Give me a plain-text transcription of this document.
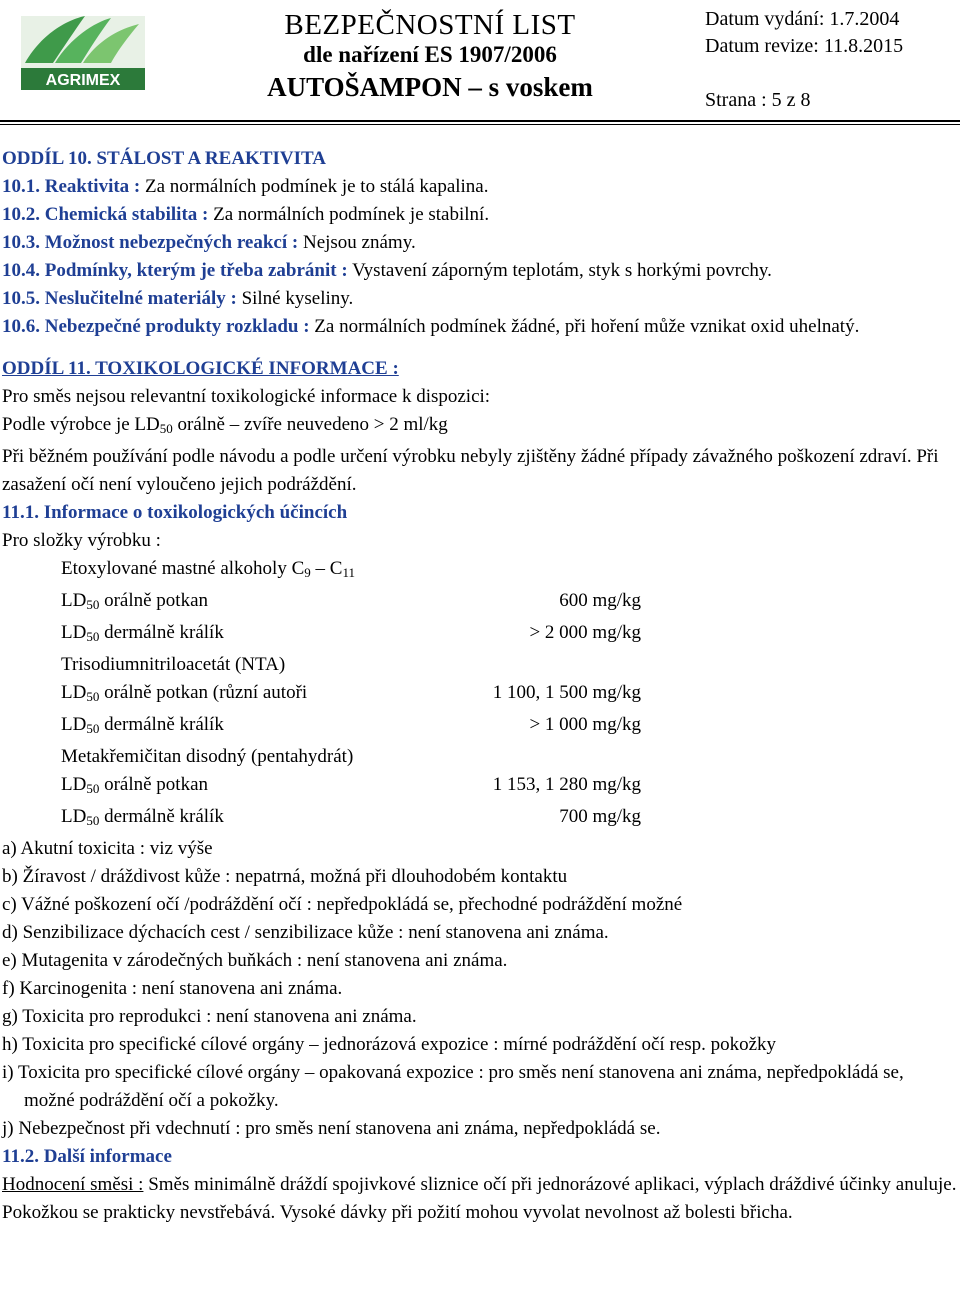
AGRIMEX
BEZPEČNOSTNÍ LIST
dle nařízení ES 1907/2006
AUTOŠAMPON – s voskem
Datum vydání: 1.7.2004
Datum revize: 11.8.2015
Strana : 5 z 8

ODDÍL 10. STÁLOST A REAKTIVITA

10.1. Reaktivita : Za normálních podmínek je to stálá kapalina.
10.2. Chemická stabilita : Za normálních podmínek je stabilní.
10.3. Možnost nebezpečných reakcí : Nejsou známy.
10.4. Podmínky, kterým je třeba zabránit : Vystavení záporným teplotám, styk s horkými povrchy.
10.5. Neslučitelné materiály : Silné kyseliny.
10.6. Nebezpečné produkty rozkladu : Za normálních podmínek žádné, při hoření může vznikat oxid uhelnatý.

ODDÍL 11. TOXIKOLOGICKÉ INFORMACE :

Pro směs nejsou relevantní toxikologické informace k dispozici:

Podle výrobce je $LD_{50}$ orálně – zvíře neuvedeno > 2 ml/kg

Při běžném používání podle návodu a podle určení výrobku nebyly zjištěny žádné případy závažného poškození zdraví. Při zasažení očí není vyloučeno jejich podráždění.

11.1. Informace o toxikologických účincích

Pro složky výrobku :

Etoxylované mastné alkoholy $C_9 - C_{11}$
$LD_{50}$ orálně potkan	600 mg/kg
$LD_{50}$ dermálně králík	> 2 000 mg/kg
Trisodiumnitriloacetát (NTA)
$LD_{50}$ orálně potkan (různí autoři	1 100, 1 500 mg/kg
$LD_{50}$ dermálně králík	> 1 000 mg/kg
Metakřemičitan disodný (pentahydrát)
$LD_{50}$ orálně potkan	1 153, 1 280 mg/kg
$LD_{50}$ dermálně králík	700 mg/kg
a) Akutní toxicita : viz výše
b) Žíravost / dráždivost kůže : nepatrná, možná při dlouhodobém kontaktu
c) Vážné poškození očí /podráždění očí : nepředpokládá se, přechodné podráždění možné
d) Senzibilizace dýchacích cest / senzibilizace kůže : není stanovena ani známa.
e) Mutagenita v zárodečných buňkách : není stanovena ani známa.
f) Karcinogenita : není stanovena ani známa.
g) Toxicita pro reprodukci : není stanovena ani známa.
h) Toxicita pro specifické cílové orgány – jednorázová expozice : mírné podráždění očí resp. pokožky
i) Toxicita pro specifické cílové orgány – opakovaná expozice : pro směs není stanovena ani známa, nepředpokládá se, možné podráždění očí a pokožky.
j) Nebezpečnost při vdechnutí : pro směs není stanovena ani známa, nepředpokládá se.

11.2. Další informace

Hodnocení směsi : Směs minimálně dráždí spojivkové sliznice očí při jednorázové aplikaci, výplach dráždivé účinky anuluje. Pokožkou se prakticky nevstřebává. Vysoké dávky při požití mohou vyvolat nevolnost až bolesti břicha.
